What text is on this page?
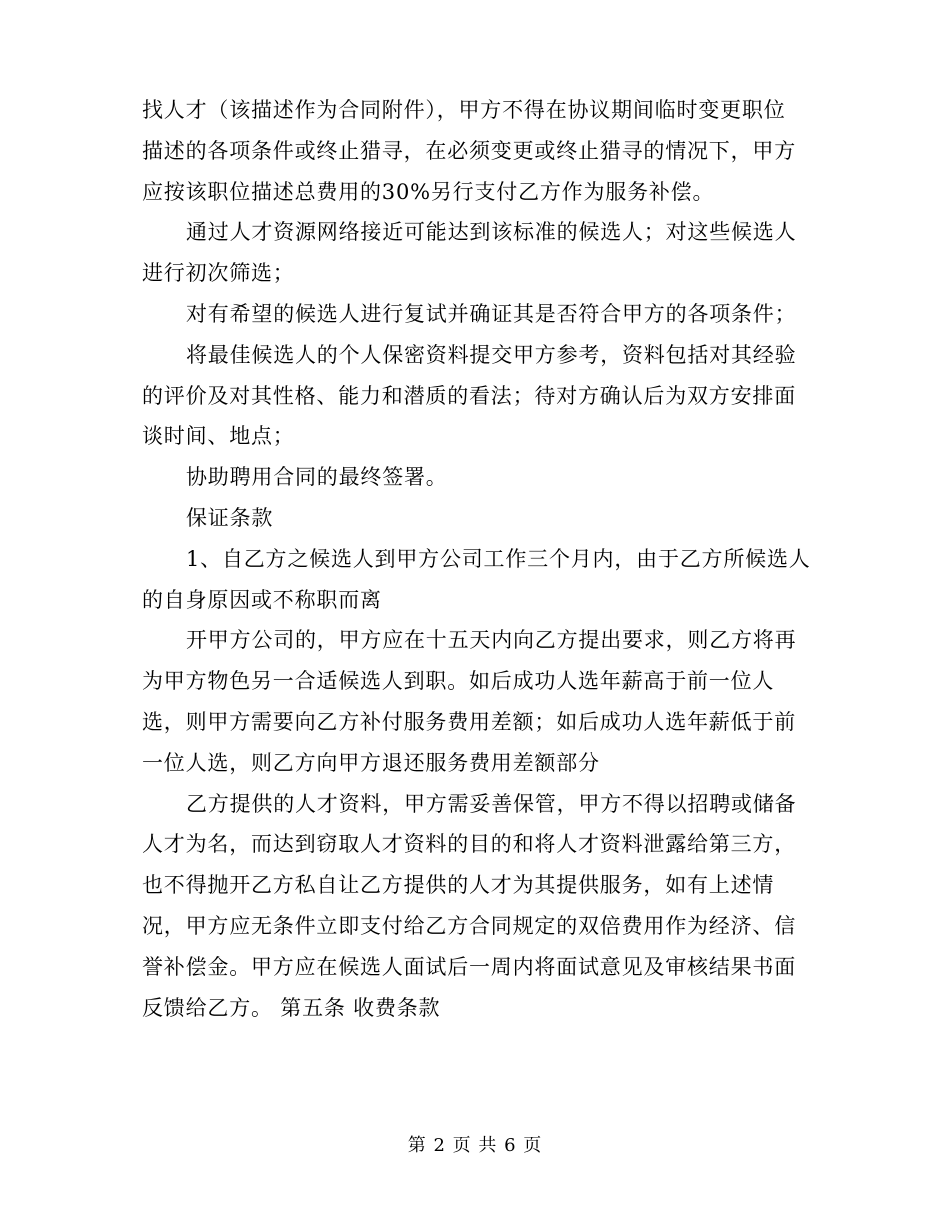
找人才（该描述作为合同附件），甲方不得在协议期间临时变更职位
描述的各项条件或终止猎寻，在必须变更或终止猎寻的情况下，甲方
应按该职位描述总费用的30%另行支付乙方作为服务补偿。
通过人才资源网络接近可能达到该标准的候选人；对这些候选人
进行初次筛选；
对有希望的候选人进行复试并确证其是否符合甲方的各项条件；
将最佳候选人的个人保密资料提交甲方参考，资料包括对其经验
的评价及对其性格、能力和潜质的看法；待对方确认后为双方安排面
谈时间、地点；
协助聘用合同的最终签署。
保证条款
1、自乙方之候选人到甲方公司工作三个月内，由于乙方所候选人
的自身原因或不称职而离
开甲方公司的，甲方应在十五天内向乙方提出要求，则乙方将再
为甲方物色另一合适候选人到职。如后成功人选年薪高于前一位人
选，则甲方需要向乙方补付服务费用差额；如后成功人选年薪低于前
一位人选，则乙方向甲方退还服务费用差额部分
乙方提供的人才资料，甲方需妥善保管，甲方不得以招聘或储备
人才为名，而达到窃取人才资料的目的和将人才资料泄露给第三方，
也不得抛开乙方私自让乙方提供的人才为其提供服务，如有上述情
况，甲方应无条件立即支付给乙方合同规定的双倍费用作为经济、信
誉补偿金。甲方应在候选人面试后一周内将面试意见及审核结果书面
反馈给乙方。 第五条 收费条款
第 2 页 共 6 页
